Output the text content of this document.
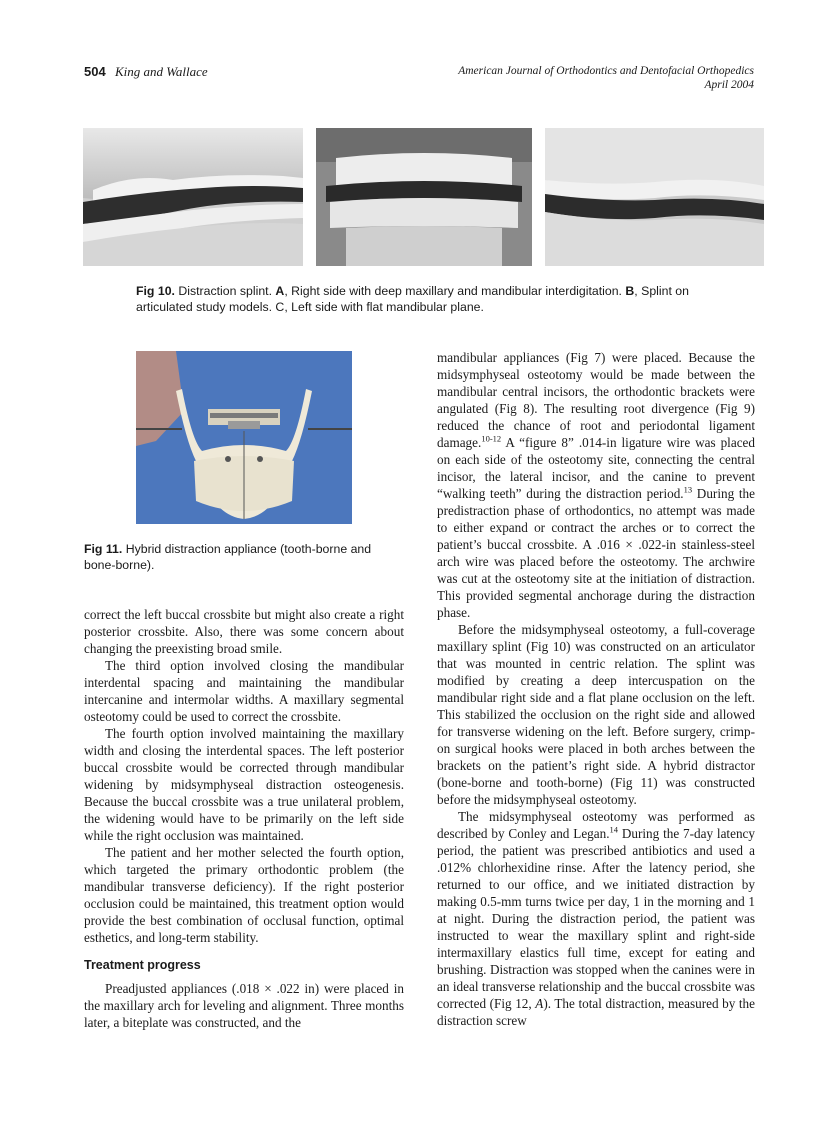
504 King and Wallace	American Journal of Orthodontics and Dentofacial Orthopedics
April 2004
Fig 10. Distraction splint. A, Right side with deep maxillary and mandibular interdigitation. B, Splint on articulated study models. C, Left side with flat mandibular plane.
Fig 11. Hybrid distraction appliance (tooth-borne and bone-borne).

correct the left buccal crossbite but might also create a right posterior crossbite. Also, there was some concern about changing the preexisting broad smile.

The third option involved closing the mandibular interdental spacing and maintaining the mandibular intercanine and intermolar widths. A maxillary segmental osteotomy could be used to correct the crossbite.

The fourth option involved maintaining the maxillary width and closing the interdental spaces. The left posterior buccal crossbite would be corrected through mandibular widening by midsymphyseal distraction osteogenesis. Because the buccal crossbite was a true unilateral problem, the widening would have to be primarily on the left side while the right occlusion was maintained.

The patient and her mother selected the fourth option, which targeted the primary orthodontic problem (the mandibular transverse deficiency). If the right posterior occlusion could be maintained, this treatment option would provide the best combination of occlusal function, optimal esthetics, and long-term stability.

Treatment progress

Preadjusted appliances (.018 × .022 in) were placed in the maxillary arch for leveling and alignment. Three months later, a biteplate was constructed, and the

mandibular appliances (Fig 7) were placed. Because the midsymphyseal osteotomy would be made between the mandibular central incisors, the orthodontic brackets were angulated (Fig 8). The resulting root divergence (Fig 9) reduced the chance of root and periodontal ligament damage.$^{10-12}$ A “figure 8” .014-in ligature wire was placed on each side of the osteotomy site, connecting the central incisor, the lateral incisor, and the canine to prevent “walking teeth” during the distraction period.$^{13}$ During the predistraction phase of orthodontics, no attempt was made to either expand or contract the arches or to correct the patient’s buccal crossbite. A .016 × .022-in stainless-steel arch wire was placed before the osteotomy. The archwire was cut at the osteotomy site at the initiation of distraction. This provided segmental anchorage during the distraction phase.

Before the midsymphyseal osteotomy, a full-coverage maxillary splint (Fig 10) was constructed on an articulator that was mounted in centric relation. The splint was modified by creating a deep intercuspation on the mandibular right side and a flat plane occlusion on the left. This stabilized the occlusion on the right side and allowed for transverse widening on the left. Before surgery, crimp-on surgical hooks were placed in both arches between the brackets on the patient’s right side. A hybrid distractor (bone-borne and tooth-borne) (Fig 11) was constructed before the midsymphyseal osteotomy.

The midsymphyseal osteotomy was performed as described by Conley and Legan.$^{14}$ During the 7-day latency period, the patient was prescribed antibiotics and used a .012% chlorhexidine rinse. After the latency period, she returned to our office, and we initiated distraction by making 0.5-mm turns twice per day, 1 in the morning and 1 at night. During the distraction period, the patient was instructed to wear the maxillary splint and right-side intermaxillary elastics full time, except for eating and brushing. Distraction was stopped when the canines were in an ideal transverse relationship and the buccal crossbite was corrected (Fig 12, A). The total distraction, measured by the distraction screw
